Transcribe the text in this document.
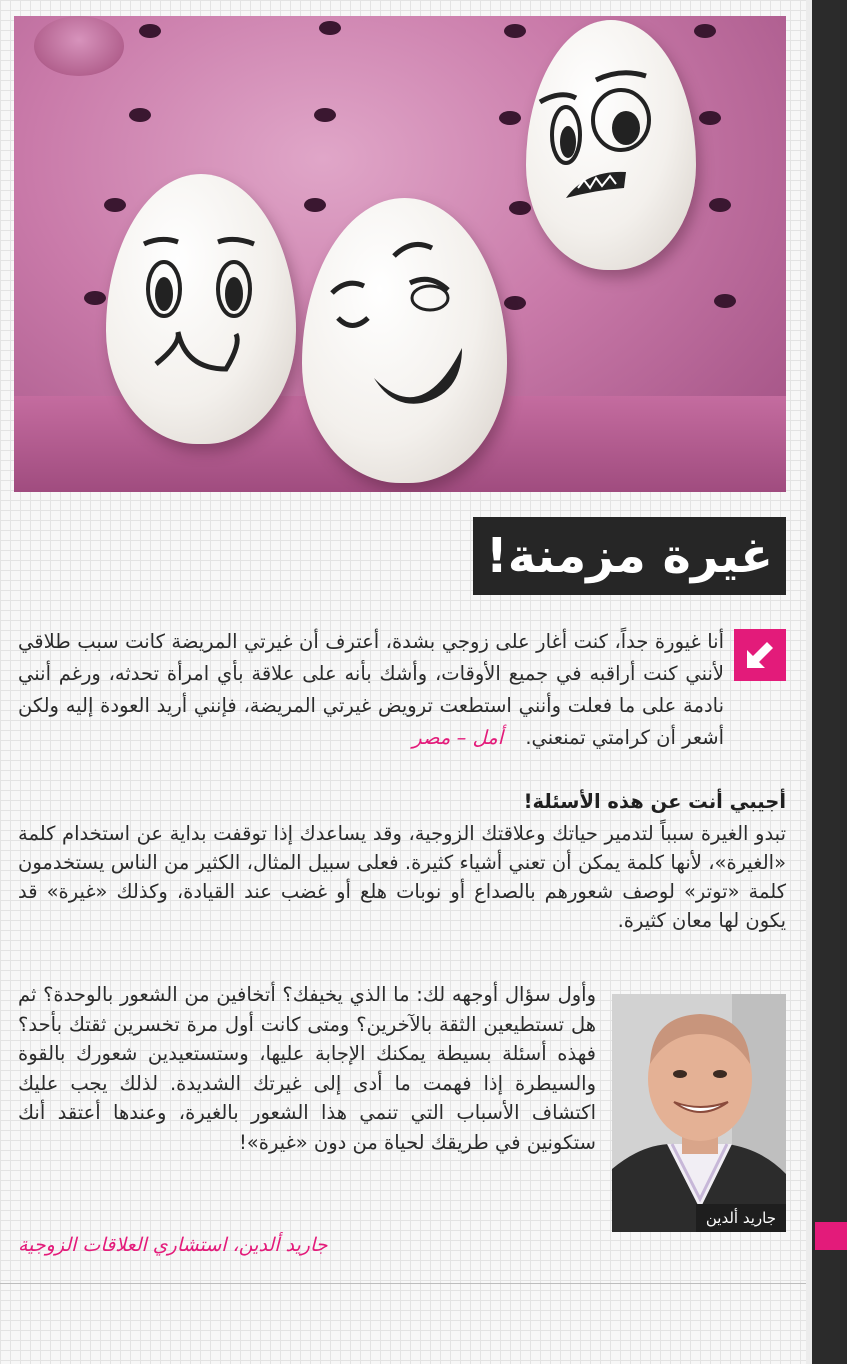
غيرة مزمنة!

أنا غيورة جداً، كنت أغار على زوجي بشدة، أعترف أن غيرتي المريضة كانت سبب طلاقي لأنني كنت أراقبه في جميع الأوقات، وأشك بأنه على علاقة بأي امرأة تحدثه، ورغم أنني نادمة على ما فعلت وأنني استطعت ترويض غيرتي المريضة، فإنني أريد العودة إليه ولكن أشعر أن كرامتي تمنعني. أمل – مصر

أجيبي أنت عن هذه الأسئلة!

تبدو الغيرة سبباً لتدمير حياتك وعلاقتك الزوجية، وقد يساعدك إذا توقفت بداية عن استخدام كلمة «الغيرة»، لأنها كلمة يمكن أن تعني أشياء كثيرة. فعلى سبيل المثال، الكثير من الناس يستخدمون كلمة «توتر» لوصف شعورهم بالصداع أو نوبات هلع أو غضب عند القيادة، وكذلك «غيرة» قد يكون لها معان كثيرة.

وأول سؤال أوجهه لك: ما الذي يخيفك؟ أتخافين من الشعور بالوحدة؟ ثم هل تستطيعين الثقة بالآخرين؟ ومتى كانت أول مرة تخسرين ثقتك بأحد؟ فهذه أسئلة بسيطة يمكنك الإجابة عليها، وستستعيدين شعورك بالقوة والسيطرة إذا فهمت ما أدى إلى غيرتك الشديدة. لذلك يجب عليك اكتشاف الأسباب التي تنمي هذا الشعور بالغيرة، وعندها أعتقد أنك ستكونين في طريقك لحياة من دون «غيرة»!

جاريد ألدين
جاريد ألدين، استشاري العلاقات الزوجية
